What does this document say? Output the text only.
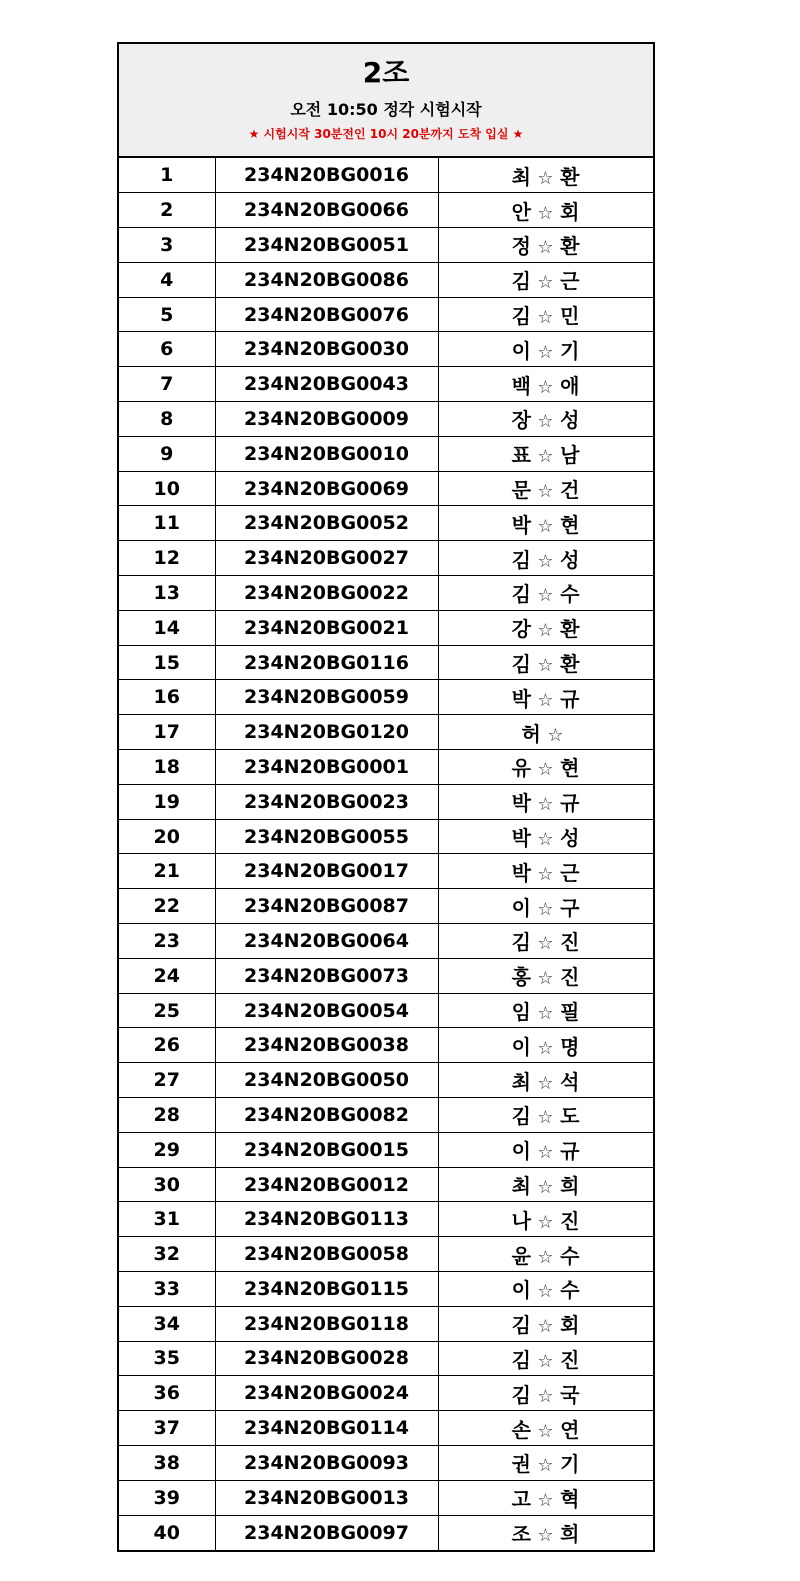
2조
오전 10:50 정각 시험시작
★ 시험시작 30분전인 10시 20분까지 도착 입실 ★
1	234N20BG0016	최 ☆ 환
2	234N20BG0066	안 ☆ 회
3	234N20BG0051	정 ☆ 환
4	234N20BG0086	김 ☆ 근
5	234N20BG0076	김 ☆ 민
6	234N20BG0030	이 ☆ 기
7	234N20BG0043	백 ☆ 애
8	234N20BG0009	장 ☆ 성
9	234N20BG0010	표 ☆ 남
10	234N20BG0069	문 ☆ 건
11	234N20BG0052	박 ☆ 현
12	234N20BG0027	김 ☆ 성
13	234N20BG0022	김 ☆ 수
14	234N20BG0021	강 ☆ 환
15	234N20BG0116	김 ☆ 환
16	234N20BG0059	박 ☆ 규
17	234N20BG0120	허 ☆
18	234N20BG0001	유 ☆ 현
19	234N20BG0023	박 ☆ 규
20	234N20BG0055	박 ☆ 성
21	234N20BG0017	박 ☆ 근
22	234N20BG0087	이 ☆ 구
23	234N20BG0064	김 ☆ 진
24	234N20BG0073	홍 ☆ 진
25	234N20BG0054	임 ☆ 필
26	234N20BG0038	이 ☆ 명
27	234N20BG0050	최 ☆ 석
28	234N20BG0082	김 ☆ 도
29	234N20BG0015	이 ☆ 규
30	234N20BG0012	최 ☆ 희
31	234N20BG0113	나 ☆ 진
32	234N20BG0058	윤 ☆ 수
33	234N20BG0115	이 ☆ 수
34	234N20BG0118	김 ☆ 회
35	234N20BG0028	김 ☆ 진
36	234N20BG0024	김 ☆ 국
37	234N20BG0114	손 ☆ 연
38	234N20BG0093	권 ☆ 기
39	234N20BG0013	고 ☆ 혁
40	234N20BG0097	조 ☆ 희
